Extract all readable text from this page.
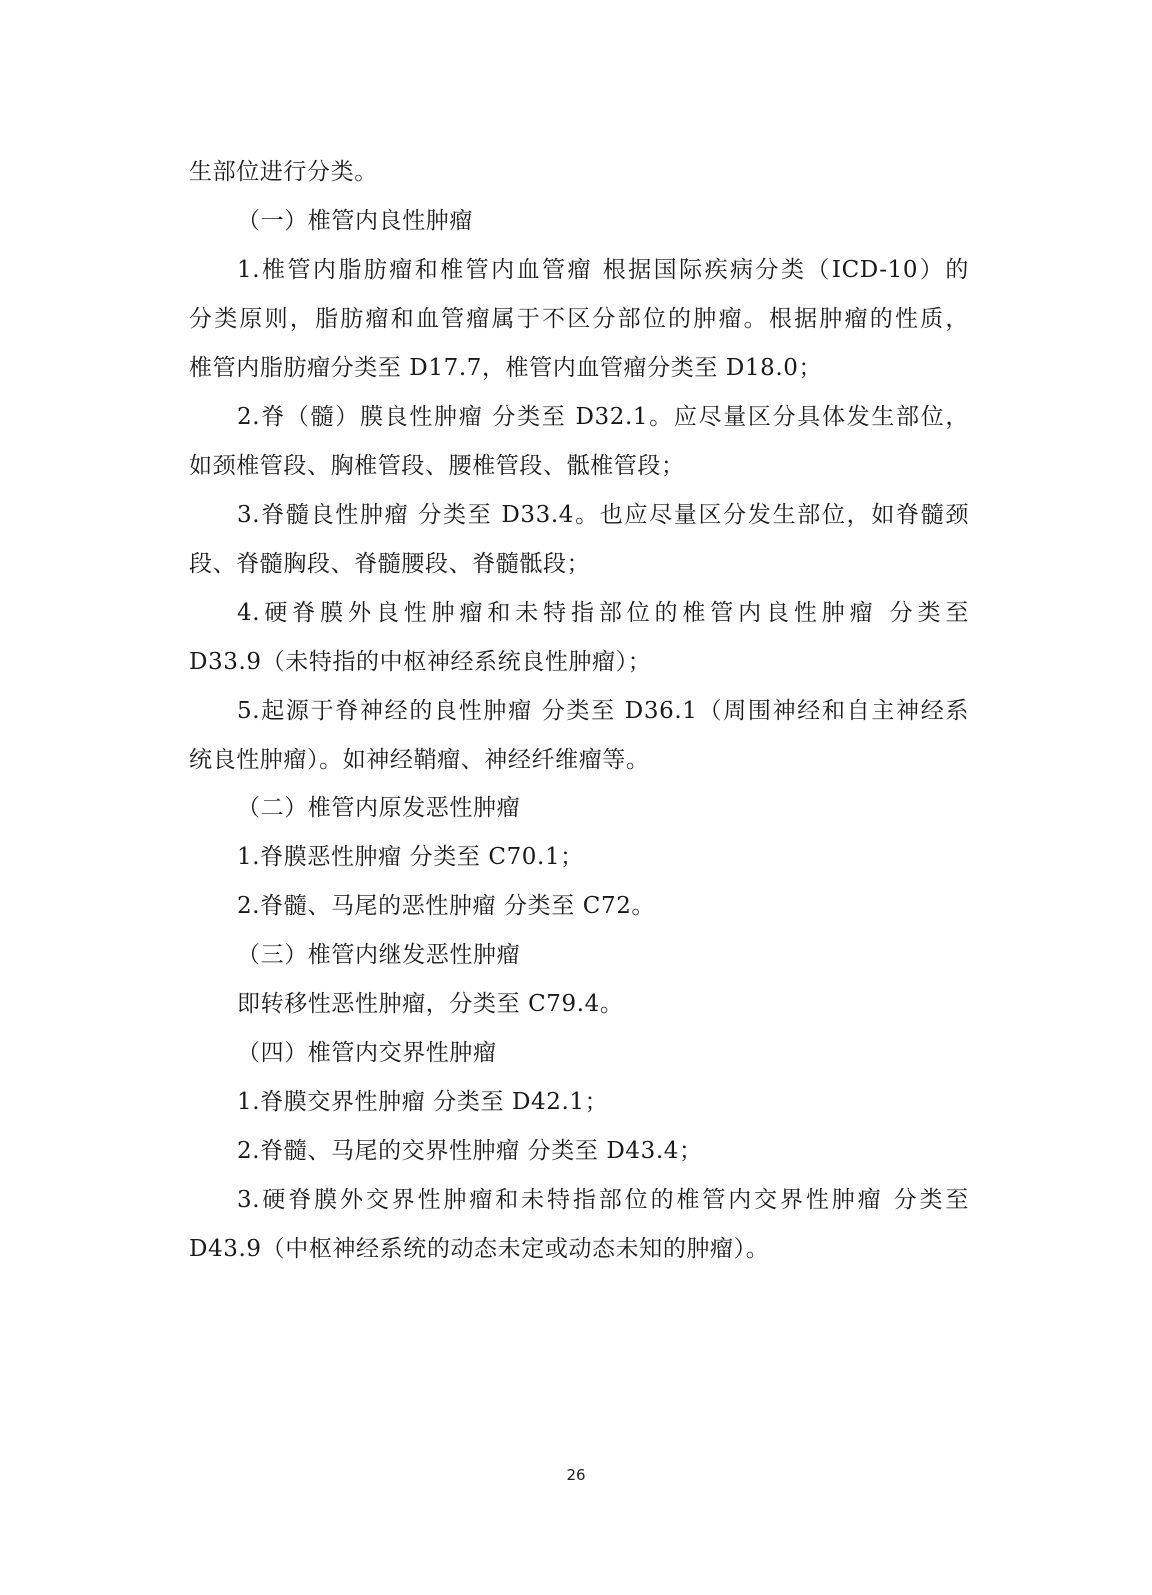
生部位进行分类。
（一）椎管内良性肿瘤
1.椎管内脂肪瘤和椎管内血管瘤 根据国际疾病分类（ICD-10）的
分类原则，脂肪瘤和血管瘤属于不区分部位的肿瘤。根据肿瘤的性质，
椎管内脂肪瘤分类至 D17.7，椎管内血管瘤分类至 D18.0；
2.脊（髓）膜良性肿瘤 分类至 D32.1。应尽量区分具体发生部位，
如颈椎管段、胸椎管段、腰椎管段、骶椎管段；
3.脊髓良性肿瘤 分类至 D33.4。也应尽量区分发生部位，如脊髓颈
段、脊髓胸段、脊髓腰段、脊髓骶段；
4.硬脊膜外良性肿瘤和未特指部位的椎管内良性肿瘤 分类至
D33.9（未特指的中枢神经系统良性肿瘤）；
5.起源于脊神经的良性肿瘤 分类至 D36.1（周围神经和自主神经系
统良性肿瘤）。如神经鞘瘤、神经纤维瘤等。
（二）椎管内原发恶性肿瘤
1.脊膜恶性肿瘤 分类至 C70.1；
2.脊髓、马尾的恶性肿瘤 分类至 C72。
（三）椎管内继发恶性肿瘤
即转移性恶性肿瘤，分类至 C79.4。
（四）椎管内交界性肿瘤
1.脊膜交界性肿瘤 分类至 D42.1；
2.脊髓、马尾的交界性肿瘤 分类至 D43.4；
3.硬脊膜外交界性肿瘤和未特指部位的椎管内交界性肿瘤 分类至
D43.9（中枢神经系统的动态未定或动态未知的肿瘤）。
26
